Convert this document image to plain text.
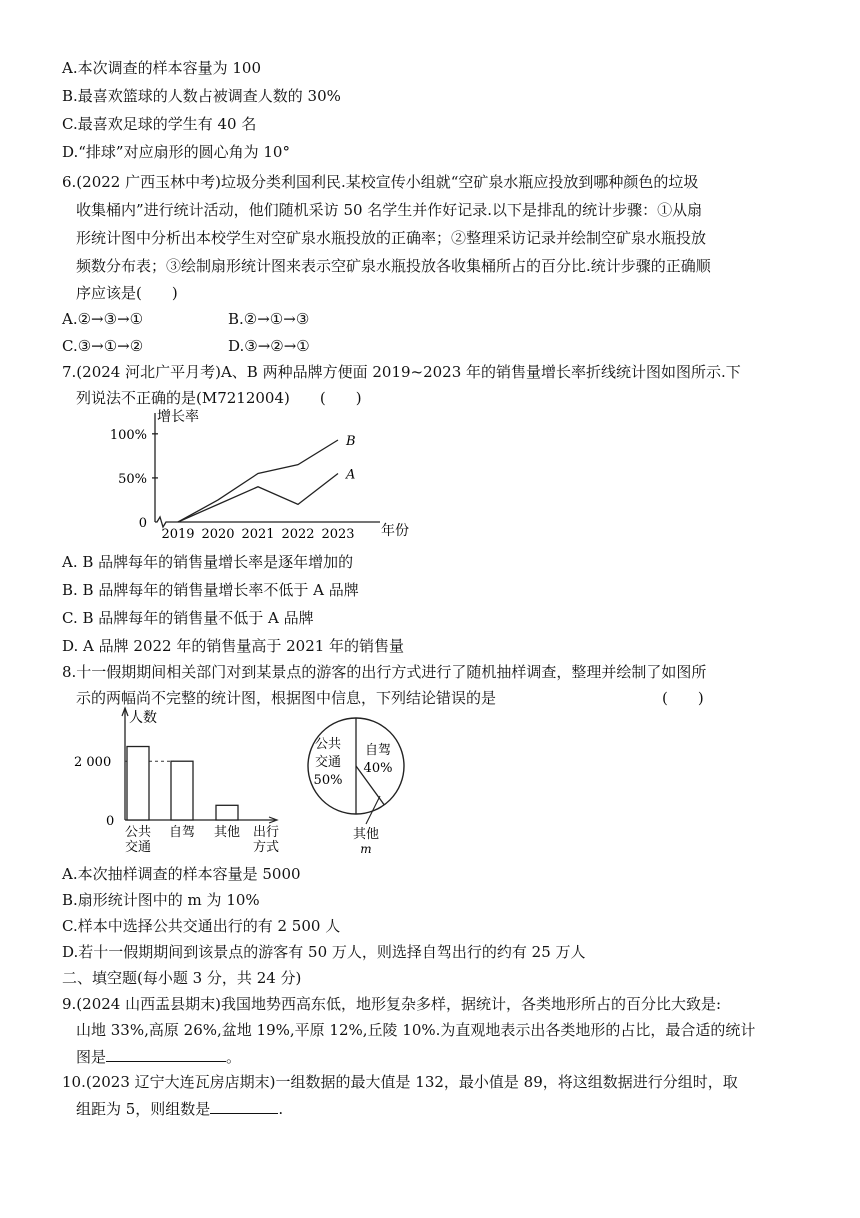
A.本次调查的样本容量为 100
B.最喜欢篮球的人数占被调查人数的 30%
C.最喜欢足球的学生有 40 名
D.“排球”对应扇形的圆心角为 10°
6.(2022 广西玉林中考)垃圾分类利国利民.某校宣传小组就“空矿泉水瓶应投放到哪种颜色的垃圾
收集桶内”进行统计活动，他们随机采访 50 名学生并作好记录.以下是排乱的统计步骤：①从扇
形统计图中分析出本校学生对空矿泉水瓶投放的正确率；②整理采访记录并绘制空矿泉水瓶投放
频数分布表；③绘制扇形统计图来表示空矿泉水瓶投放各收集桶所占的百分比.统计步骤的正确顺
序应该是(　　)
A.②→③→①	B.②→①→③
C.③→①→②	D.③→②→①
7.(2024 河北广平月考)A、B 两种品牌方便面 2019~2023 年的销售量增长率折线统计图如图所示.下
列说法不正确的是(M7212004)　　(　　)
0
50%
100%
增长率
年份
2019 2020 2021 2022 2023
B
A
A. B 品牌每年的销售量增长率是逐年增加的
B. B 品牌每年的销售量增长率不低于 A 品牌
C. B 品牌每年的销售量不低于 A 品牌
D. A 品牌 2022 年的销售量高于 2021 年的销售量
8.十一假期期间相关部门对到某景点的游客的出行方式进行了随机抽样调查，整理并绘制了如图所
示的两幅尚不完整的统计图，根据图中信息，下列结论错误的是	(　　)
2 000
0
人数
公共
交通
自驾 其他 出行
方式
公共
交通
50%
自驾
40%
其他
m
A.本次抽样调查的样本容量是 5000
B.扇形统计图中的 m 为 10%
C.样本中选择公共交通出行的有 2 500 人
D.若十一假期期间到该景点的游客有 50 万人，则选择自驾出行的约有 25 万人
二、填空题(每小题 3 分，共 24 分)
9.(2024 山西盂县期末)我国地势西高东低，地形复杂多样，据统计，各类地形所占的百分比大致是:
山地 33%,高原 26%,盆地 19%,平原 12%,丘陵 10%.为直观地表示出各类地形的占比，最合适的统计
图是	。
10.(2023 辽宁大连瓦房店期末)一组数据的最大值是 132，最小值是 89，将这组数据进行分组时，取
组距为 5，则组数是	.
